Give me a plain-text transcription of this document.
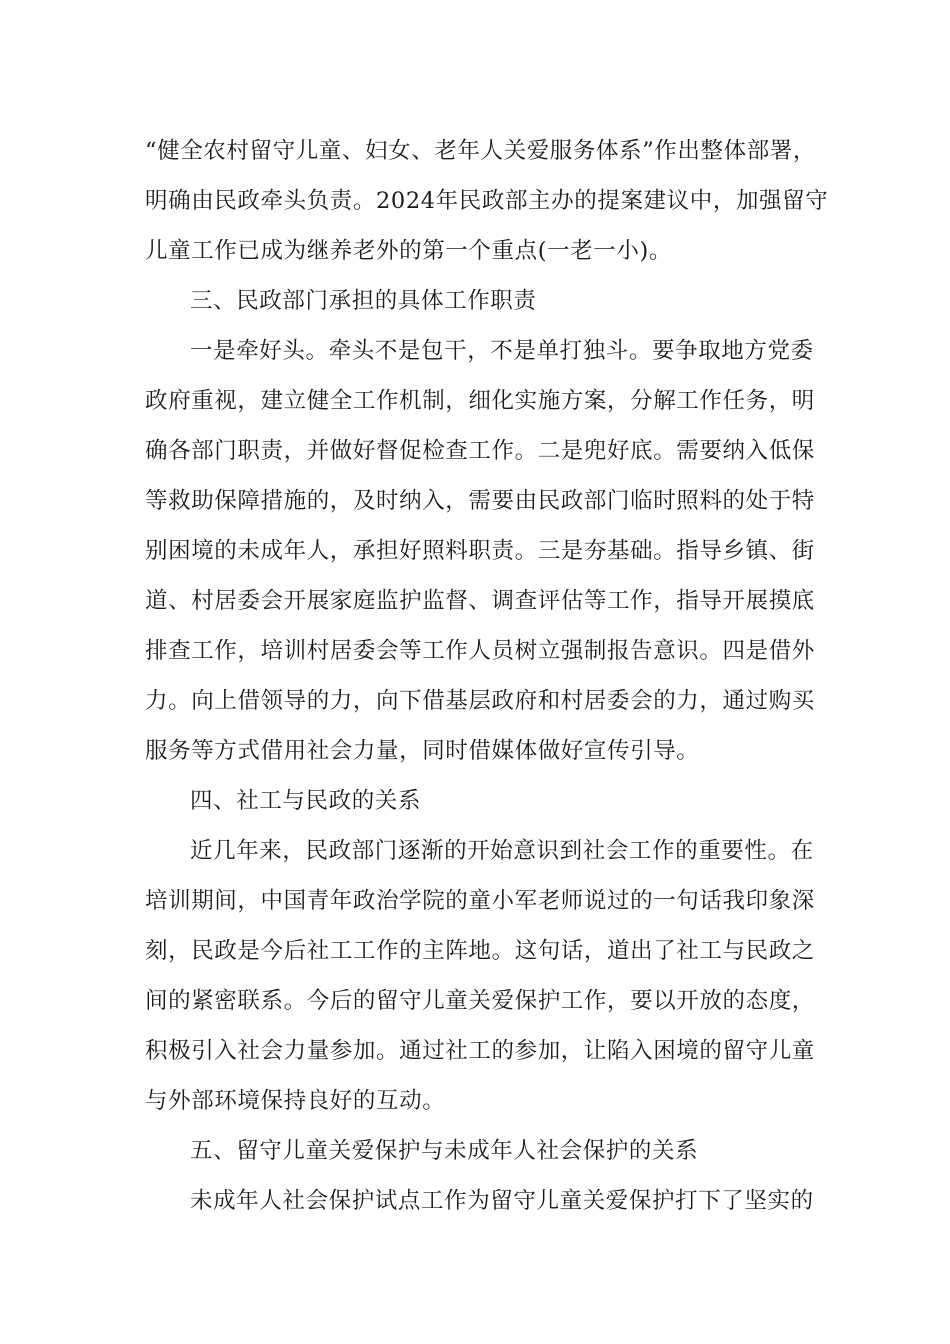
“健全农村留守儿童、妇女、老年人关爱服务体系”作出整体部署，
明确由民政牵头负责。2024年民政部主办的提案建议中，加强留守
儿童工作已成为继养老外的第一个重点(一老一小)。
三、民政部门承担的具体工作职责
一是牵好头。牵头不是包干，不是单打独斗。要争取地方党委
政府重视，建立健全工作机制，细化实施方案，分解工作任务，明
确各部门职责，并做好督促检查工作。二是兜好底。需要纳入低保
等救助保障措施的，及时纳入，需要由民政部门临时照料的处于特
别困境的未成年人，承担好照料职责。三是夯基础。指导乡镇、街
道、村居委会开展家庭监护监督、调查评估等工作，指导开展摸底
排查工作，培训村居委会等工作人员树立强制报告意识。四是借外
力。向上借领导的力，向下借基层政府和村居委会的力，通过购买
服务等方式借用社会力量，同时借媒体做好宣传引导。
四、社工与民政的关系
近几年来，民政部门逐渐的开始意识到社会工作的重要性。在
培训期间，中国青年政治学院的童小军老师说过的一句话我印象深
刻，民政是今后社工工作的主阵地。这句话，道出了社工与民政之
间的紧密联系。今后的留守儿童关爱保护工作，要以开放的态度，
积极引入社会力量参加。通过社工的参加，让陷入困境的留守儿童
与外部环境保持良好的互动。
五、留守儿童关爱保护与未成年人社会保护的关系
未成年人社会保护试点工作为留守儿童关爱保护打下了坚实的
